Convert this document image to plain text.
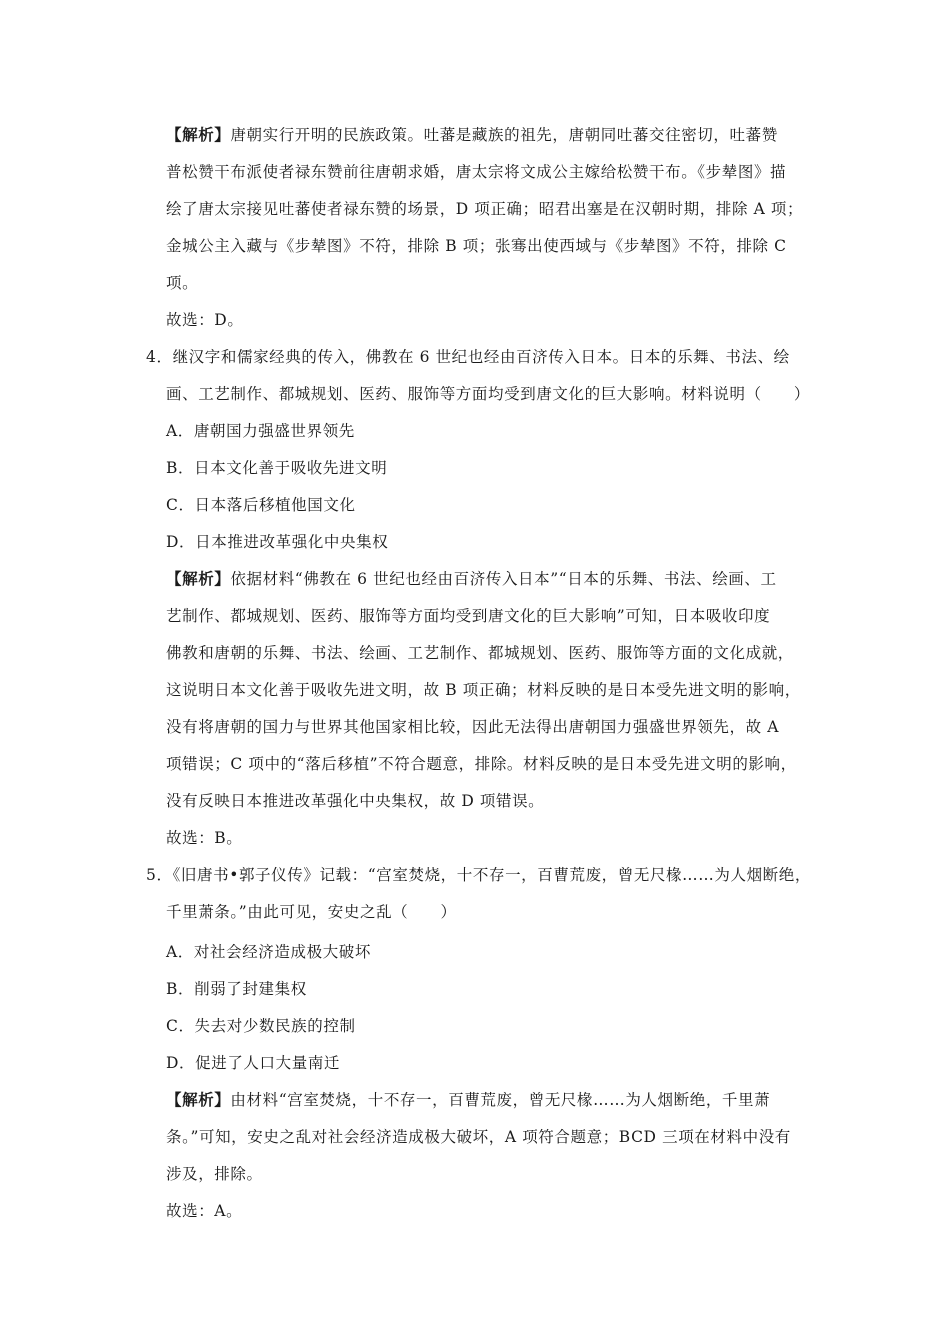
【解析】唐朝实行开明的民族政策。吐蕃是藏族的祖先，唐朝同吐蕃交往密切，吐蕃赞
普松赞干布派使者禄东赞前往唐朝求婚，唐太宗将文成公主嫁给松赞干布。《步辇图》描
绘了唐太宗接见吐蕃使者禄东赞的场景，D 项正确；昭君出塞是在汉朝时期，排除 A 项；
金城公主入藏与《步辇图》不符，排除 B 项；张骞出使西域与《步辇图》不符，排除 C
项。
故选：D。
4．继汉字和儒家经典的传入，佛教在 6 世纪也经由百济传入日本。日本的乐舞、书法、绘
画、工艺制作、都城规划、医药、服饰等方面均受到唐文化的巨大影响。材料说明（　　）
A．唐朝国力强盛世界领先
B．日本文化善于吸收先进文明
C．日本落后移植他国文化
D．日本推进改革强化中央集权
【解析】依据材料“佛教在 6 世纪也经由百济传入日本”“日本的乐舞、书法、绘画、工
艺制作、都城规划、医药、服饰等方面均受到唐文化的巨大影响”可知，日本吸收印度
佛教和唐朝的乐舞、书法、绘画、工艺制作、都城规划、医药、服饰等方面的文化成就，
这说明日本文化善于吸收先进文明，故 B 项正确；材料反映的是日本受先进文明的影响，
没有将唐朝的国力与世界其他国家相比较，因此无法得出唐朝国力强盛世界领先，故 A
项错误；C 项中的“落后移植”不符合题意，排除。材料反映的是日本受先进文明的影响，
没有反映日本推进改革强化中央集权，故 D 项错误。
故选：B。
5．《旧唐书•郭子仪传》记载：“宫室焚烧，十不存一，百曹荒废，曾无尺椽……为人烟断绝，
千里萧条。”由此可见，安史之乱（　　）
A．对社会经济造成极大破坏
B．削弱了封建集权
C．失去对少数民族的控制
D．促进了人口大量南迁
【解析】由材料“宫室焚烧，十不存一，百曹荒废，曾无尺椽……为人烟断绝，千里萧
条。”可知，安史之乱对社会经济造成极大破坏，A 项符合题意；BCD 三项在材料中没有
涉及，排除。
故选：A。
